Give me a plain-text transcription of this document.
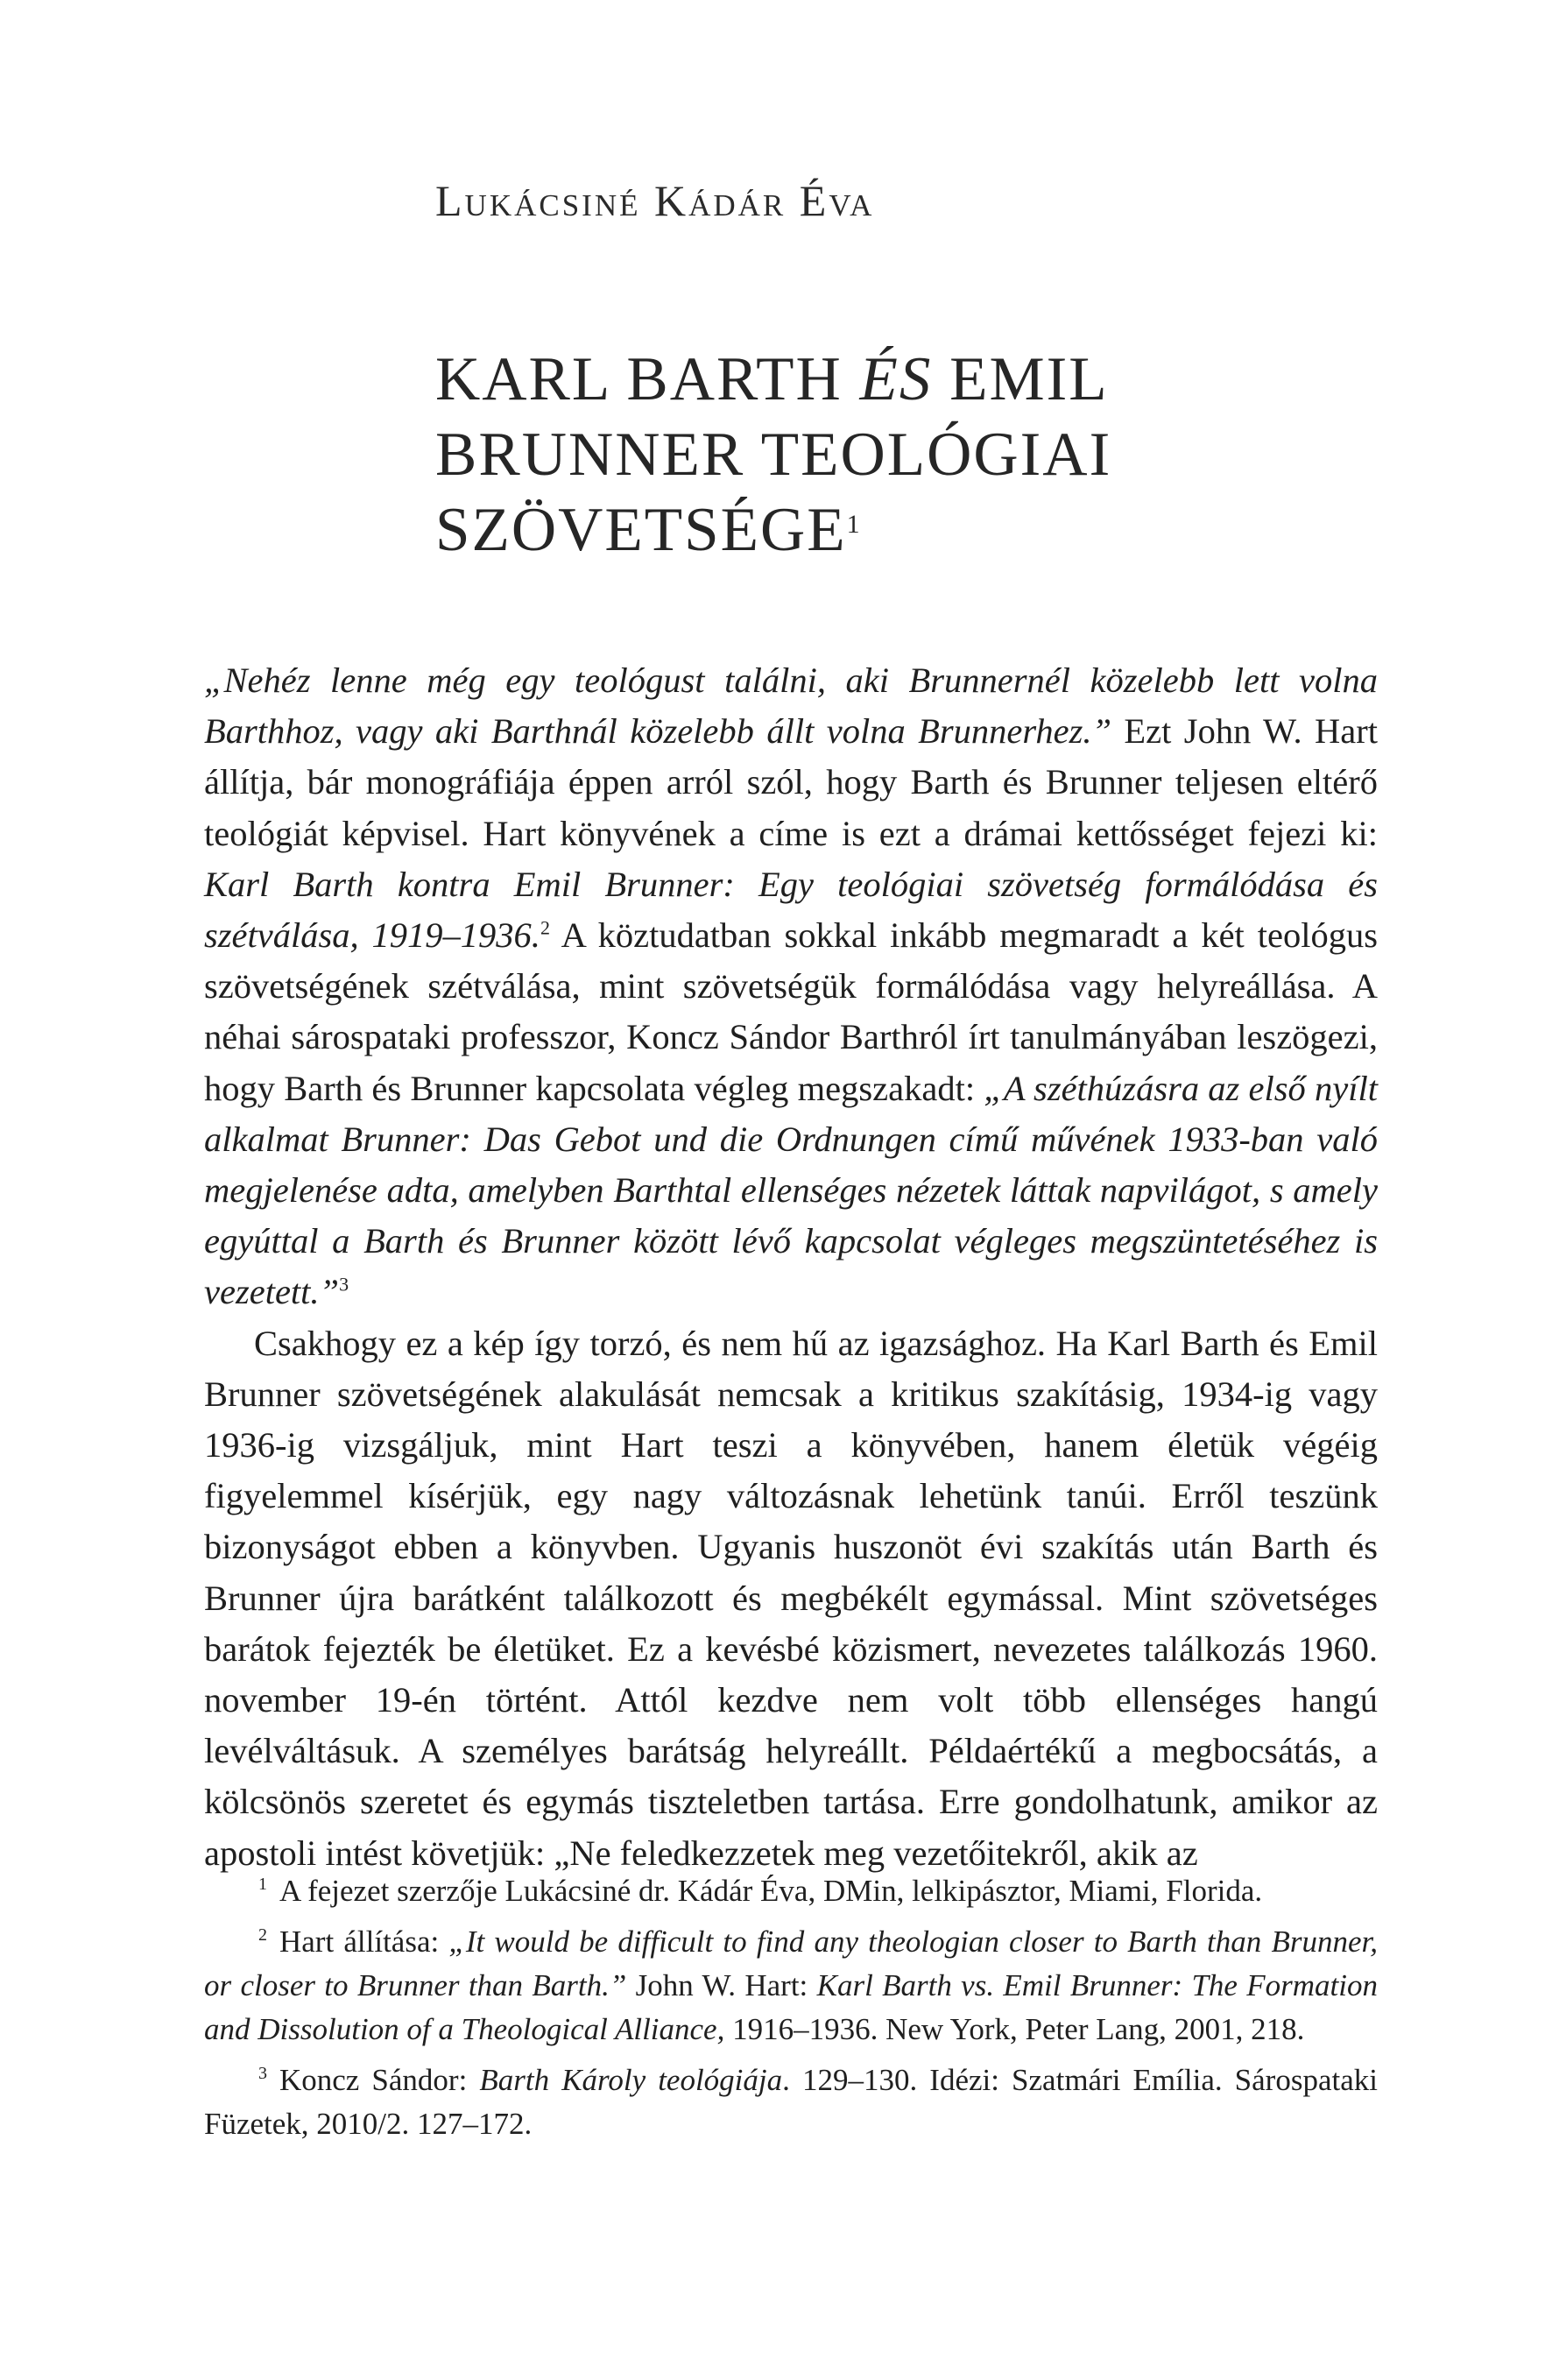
Lukácsiné Kádár Éva
KARL BARTH ÉS EMIL
BRUNNER TEOLÓGIAI
SZÖVETSÉGE$^1$

„Nehéz lenne még egy teológust találni, aki Brunnernél közelebb lett volna Barthhoz, vagy aki Barthnál közelebb állt volna Brunnerhez.” Ezt John W. Hart állítja, bár monográfiája éppen arról szól, hogy Barth és Brunner teljesen eltérő teológiát képvisel. Hart könyvének a címe is ezt a drámai kettősséget fejezi ki: Karl Barth kontra Emil Brunner: Egy teológiai szövetség formálódása és szétválása, 1919–1936.$^2$ A köztudatban sokkal inkább megmaradt a két teológus szövetségének szétválása, mint szövetségük formálódása vagy helyreállása. A néhai sárospataki professzor, Koncz Sándor Barthról írt tanulmányában leszögezi, hogy Barth és Brunner kapcsolata végleg megszakadt: „A széthúzásra az első nyílt alkalmat Brunner: Das Gebot und die Ordnungen című művének 1933-ban való megjelenése adta, amelyben Barthtal ellenséges nézetek láttak napvilágot, s amely egyúttal a Barth és Brunner között lévő kapcsolat végleges megszüntetéséhez is vezetett.”$^3$

Csakhogy ez a kép így torzó, és nem hű az igazsághoz. Ha Karl Barth és Emil Brunner szövetségének alakulását nemcsak a kritikus szakításig, 1934-ig vagy 1936-ig vizsgáljuk, mint Hart teszi a könyvében, hanem életük végéig figyelemmel kísérjük, egy nagy változásnak lehetünk tanúi. Erről teszünk bizonyságot ebben a könyvben. Ugyanis huszonöt évi szakítás után Barth és Brunner újra barátként találkozott és megbékélt egymással. Mint szövetséges barátok fejezték be életüket. Ez a kevésbé közismert, nevezetes találkozás 1960. november 19-én történt. Attól kezdve nem volt több ellenséges hangú levélváltásuk. A személyes barátság helyreállt. Példaértékű a megbocsátás, a kölcsönös szeretet és egymás tiszteletben tartása. Erre gondolhatunk, amikor az apostoli intést követjük: „Ne feledkezzetek meg vezetőitekről, akik az

$^1$ A fejezet szerzője Lukácsiné dr. Kádár Éva, DMin, lelkipásztor, Miami, Florida.

$^2$ Hart állítása: „It would be difficult to find any theologian closer to Barth than Brunner, or closer to Brunner than Barth.” John W. Hart: Karl Barth vs. Emil Brunner: The Formation and Dissolution of a Theological Alliance, 1916–1936. New York, Peter Lang, 2001, 218.

$^3$ Koncz Sándor: Barth Károly teológiája. 129–130. Idézi: Szatmári Emília. Sárospataki Füzetek, 2010/2. 127–172.
